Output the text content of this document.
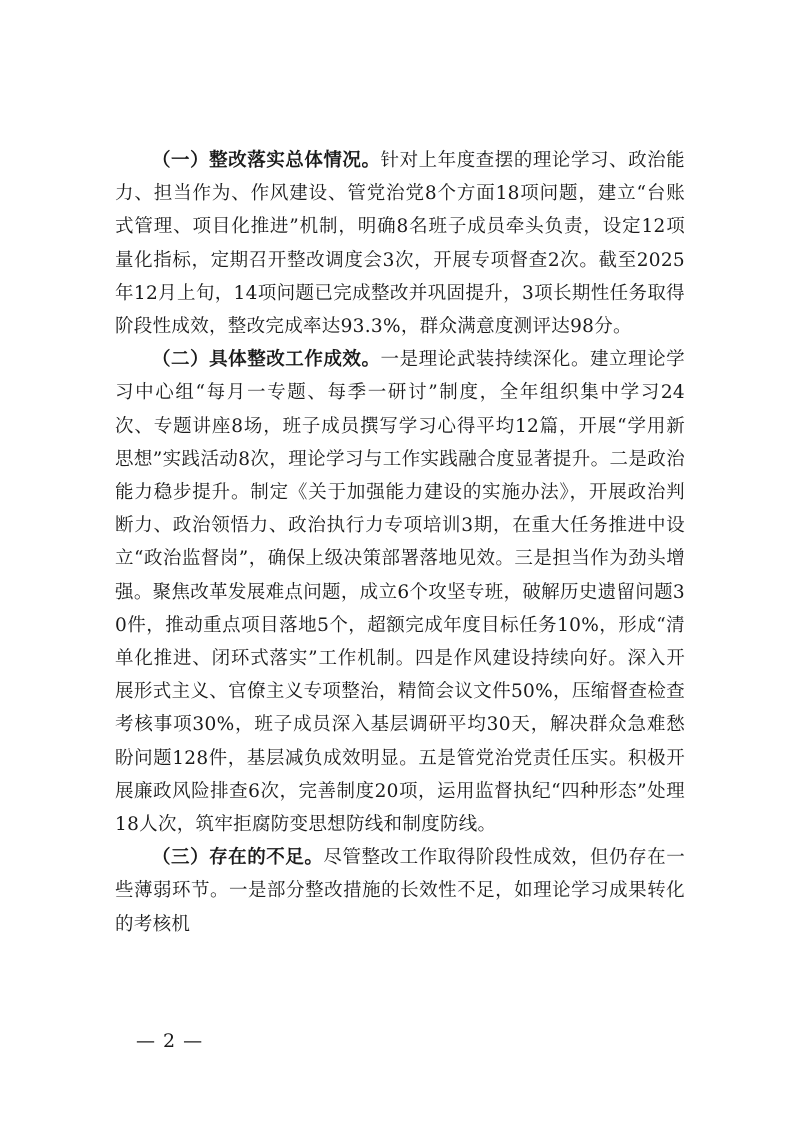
（一）整改落实总体情况。针对上年度查摆的理论学习、政治能力、担当作为、作风建设、管党治党8个方面18项问题，建立“台账式管理、项目化推进”机制，明确8名班子成员牵头负责，设定12项量化指标，定期召开整改调度会3次，开展专项督查2次。截至2025年12月上旬，14项问题已完成整改并巩固提升，3项长期性任务取得阶段性成效，整改完成率达93.3%，群众满意度测评达98分。

（二）具体整改工作成效。一是理论武装持续深化。建立理论学习中心组“每月一专题、每季一研讨”制度，全年组织集中学习24次、专题讲座8场，班子成员撰写学习心得平均12篇，开展“学用新思想”实践活动8次，理论学习与工作实践融合度显著提升。二是政治能力稳步提升。制定《关于加强能力建设的实施办法》，开展政治判断力、政治领悟力、政治执行力专项培训3期，在重大任务推进中设立“政治监督岗”，确保上级决策部署落地见效。三是担当作为劲头增强。聚焦改革发展难点问题，成立6个攻坚专班，破解历史遗留问题30件，推动重点项目落地5个，超额完成年度目标任务10%，形成“清单化推进、闭环式落实”工作机制。四是作风建设持续向好。深入开展形式主义、官僚主义专项整治，精简会议文件50%，压缩督查检查考核事项30%，班子成员深入基层调研平均30天，解决群众急难愁盼问题128件，基层减负成效明显。五是管党治党责任压实。积极开展廉政风险排查6次，完善制度20项，运用监督执纪“四种形态”处理18人次，筑牢拒腐防变思想防线和制度防线。

（三）存在的不足。尽管整改工作取得阶段性成效，但仍存在一些薄弱环节。一是部分整改措施的长效性不足，如理论学习成果转化的考核机

— 2 —
